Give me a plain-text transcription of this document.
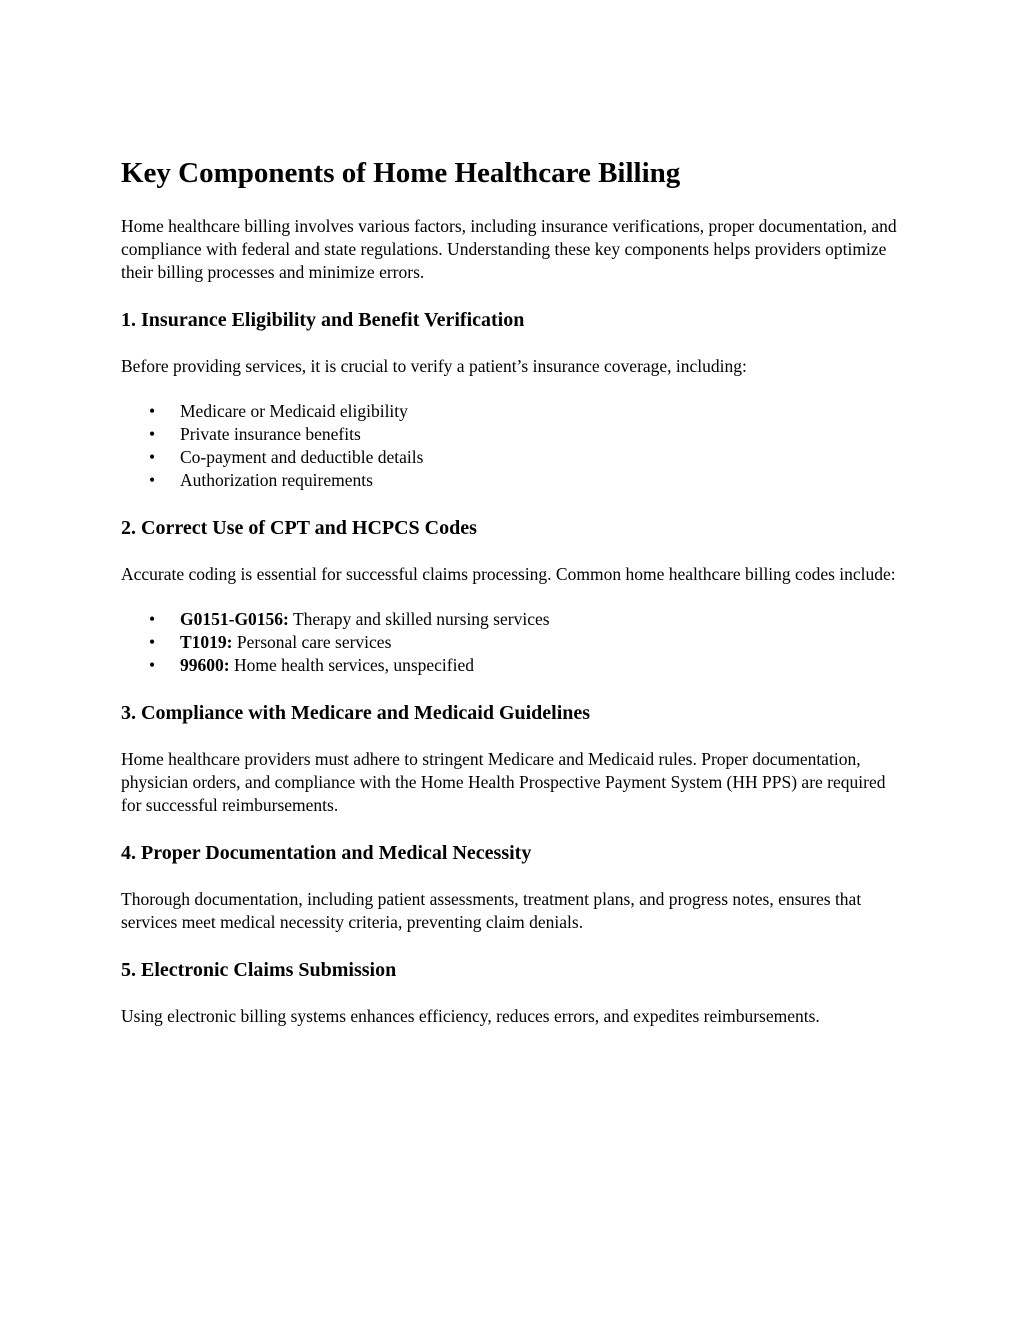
Key Components of Home Healthcare Billing

Home healthcare billing involves various factors, including insurance verifications, proper documentation, and compliance with federal and state regulations. Understanding these key components helps providers optimize their billing processes and minimize errors.

1. Insurance Eligibility and Benefit Verification

Before providing services, it is crucial to verify a patient’s insurance coverage, including:

• Medicare or Medicaid eligibility
• Private insurance benefits
• Co-payment and deductible details
• Authorization requirements
2. Correct Use of CPT and HCPCS Codes

Accurate coding is essential for successful claims processing. Common home healthcare billing codes include:

• G0151-G0156: Therapy and skilled nursing services
• T1019: Personal care services
• 99600: Home health services, unspecified
3. Compliance with Medicare and Medicaid Guidelines

Home healthcare providers must adhere to stringent Medicare and Medicaid rules. Proper documentation, physician orders, and compliance with the Home Health Prospective Payment System (HH PPS) are required for successful reimbursements.

4. Proper Documentation and Medical Necessity

Thorough documentation, including patient assessments, treatment plans, and progress notes, ensures that services meet medical necessity criteria, preventing claim denials.

5. Electronic Claims Submission

Using electronic billing systems enhances efficiency, reduces errors, and expedites reimbursements.
